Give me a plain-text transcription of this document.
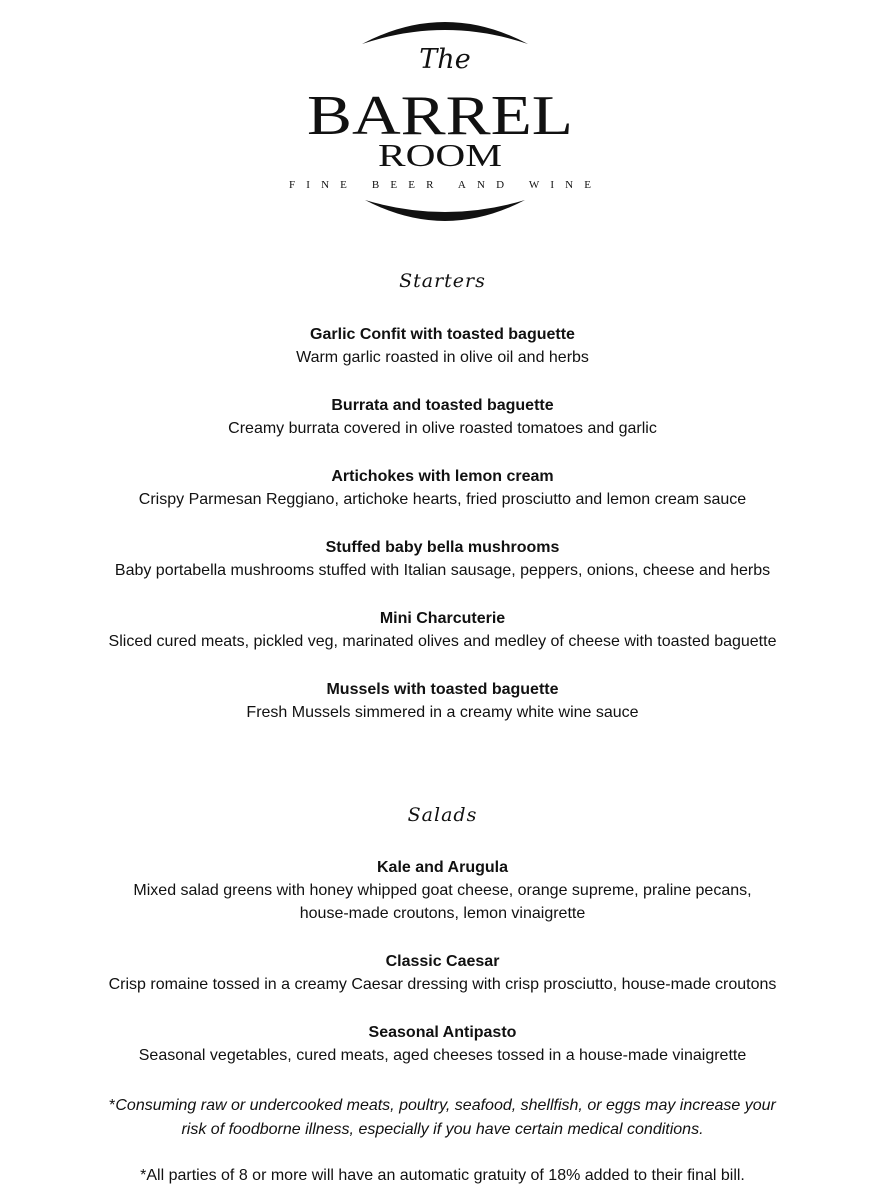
The
BARREL
ROOM
FINE BEER AND WINE
Starters
Garlic Confit with toasted baguette
Warm garlic roasted in olive oil and herbs
Burrata and toasted baguette
Creamy burrata covered in olive roasted tomatoes and garlic
Artichokes with lemon cream
Crispy Parmesan Reggiano, artichoke hearts, fried prosciutto and lemon cream sauce
Stuffed baby bella mushrooms
Baby portabella mushrooms stuffed with Italian sausage, peppers, onions, cheese and herbs
Mini Charcuterie
Sliced cured meats, pickled veg, marinated olives and medley of cheese with toasted baguette
Mussels with toasted baguette
Fresh Mussels simmered in a creamy white wine sauce
Salads
Kale and Arugula
Mixed salad greens with honey whipped goat cheese, orange supreme, praline pecans,
house-made croutons, lemon vinaigrette
Classic Caesar
Crisp romaine tossed in a creamy Caesar dressing with crisp prosciutto, house-made croutons
Seasonal Antipasto
Seasonal vegetables, cured meats, aged cheeses tossed in a house-made vinaigrette
*Consuming raw or undercooked meats, poultry, seafood, shellfish, or eggs may increase your
risk of foodborne illness, especially if you have certain medical conditions.
*All parties of 8 or more will have an automatic gratuity of 18% added to their final bill.
